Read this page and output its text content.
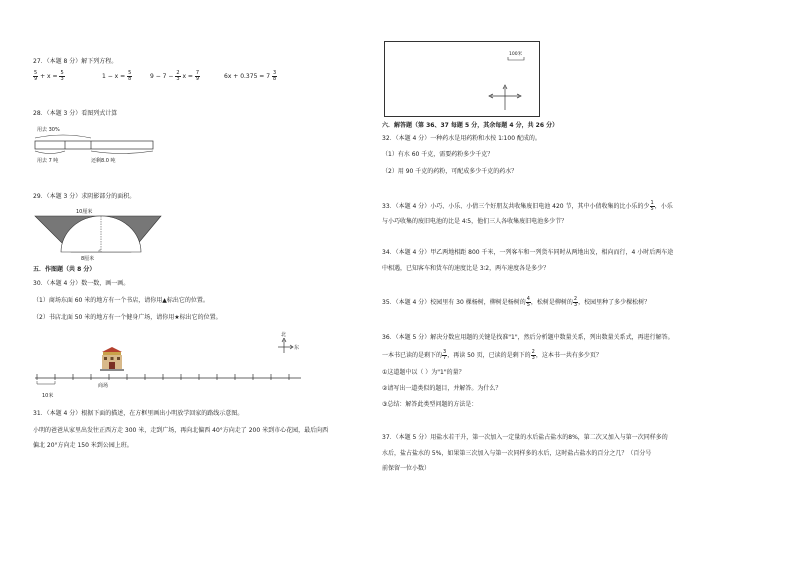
27．（本题 8 分）解下列方程。
$\frac{5}{9} + x = \frac{5}{3}$	$1 - x = \frac{5}{8}$	$9 - 7 - \frac{2}{3}$ $x = \frac{7}{9}$	$6x + 0.375 = 7 \frac{3}{8}$
28．（本题 3 分）看图列式计算
用去 30%
用去 7 吨	还剩8.0 吨
29．（本题 3 分）求阴影部分的面积。
10厘米
8厘米
五．作图题（共 8 分）
30．（本题 4 分）数一数，画一画。
（1）商场东面 60 米的地方有一个书店，请你用▲标出它的位置。
（2）书店北面 50 米的地方有一个健身广场，请你用★标出它的位置。
北
东
商场
10米
31．（本题 4 分）根据下面的描述，在方框里画出小明放学回家的路线示意图。
小明的爸爸从家里出发往正西方走 300 米，走到广场，再向北偏西 40°方向走了 200 米到市心花园，最后向西
偏北 20°方向走 150 米到公园上班。
100米
六．解答题（第 36、37 每题 5 分，其余每题 4 分，共 26 分）
32．（本题 4 分）一种药水是用药粉和水按 1∶100 配成的。
（1）有水 60 千克，需要药粉多少千克？
（2）用 90 千克的药粉，可配成多少千克的药水？
33．（本题 4 分）小巧、小乐、小倩三个好朋友共收集废旧电池 420 节，其中小倩收集的比小乐的少 $\frac{1}{5}$ ，小乐
与小巧收集的废旧电池的比是 4∶5，他们三人各收集废旧电池多少节？
34．（本题 4 分）甲乙两地相距 800 千米，一列客车和一列货车同时从两地出发，相向而行，4 小时后两车途
中相遇，已知客车和货车的速度比是 3∶2，两车速度各是多少？
35．（本题 4 分）校园里有 30 棵杨树，柳树是杨树的 $\frac{4}{5}$ ，松树是柳树的 $\frac{2}{3}$ ，校园里种了多少棵松树？
36．（本题 5 分）解决分数应用题的关键是找准"1"，然后分析题中数量关系，列出数量关系式，再进行解答。
一本书已读的是剩下的 $\frac{3}{7}$ ，再读 50 页，已读的是剩下的 $\frac{2}{3}$ ，这本书一共有多少页？
①这道题中以（ ）为"1"的量？
②请写出一道类似的题目，并解答。为什么？
③总结：解答此类型问题的方法是：
37．（本题 5 分）用盐水若干升，第一次加入一定量的水后盐占盐水的8%，第二次又加入与第一次同样多的
水后，盐占盐水的 5%，如果第三次加入与第一次同样多的水后，这时盐占盐水的百分之几？（百分号
前保留一位小数）
